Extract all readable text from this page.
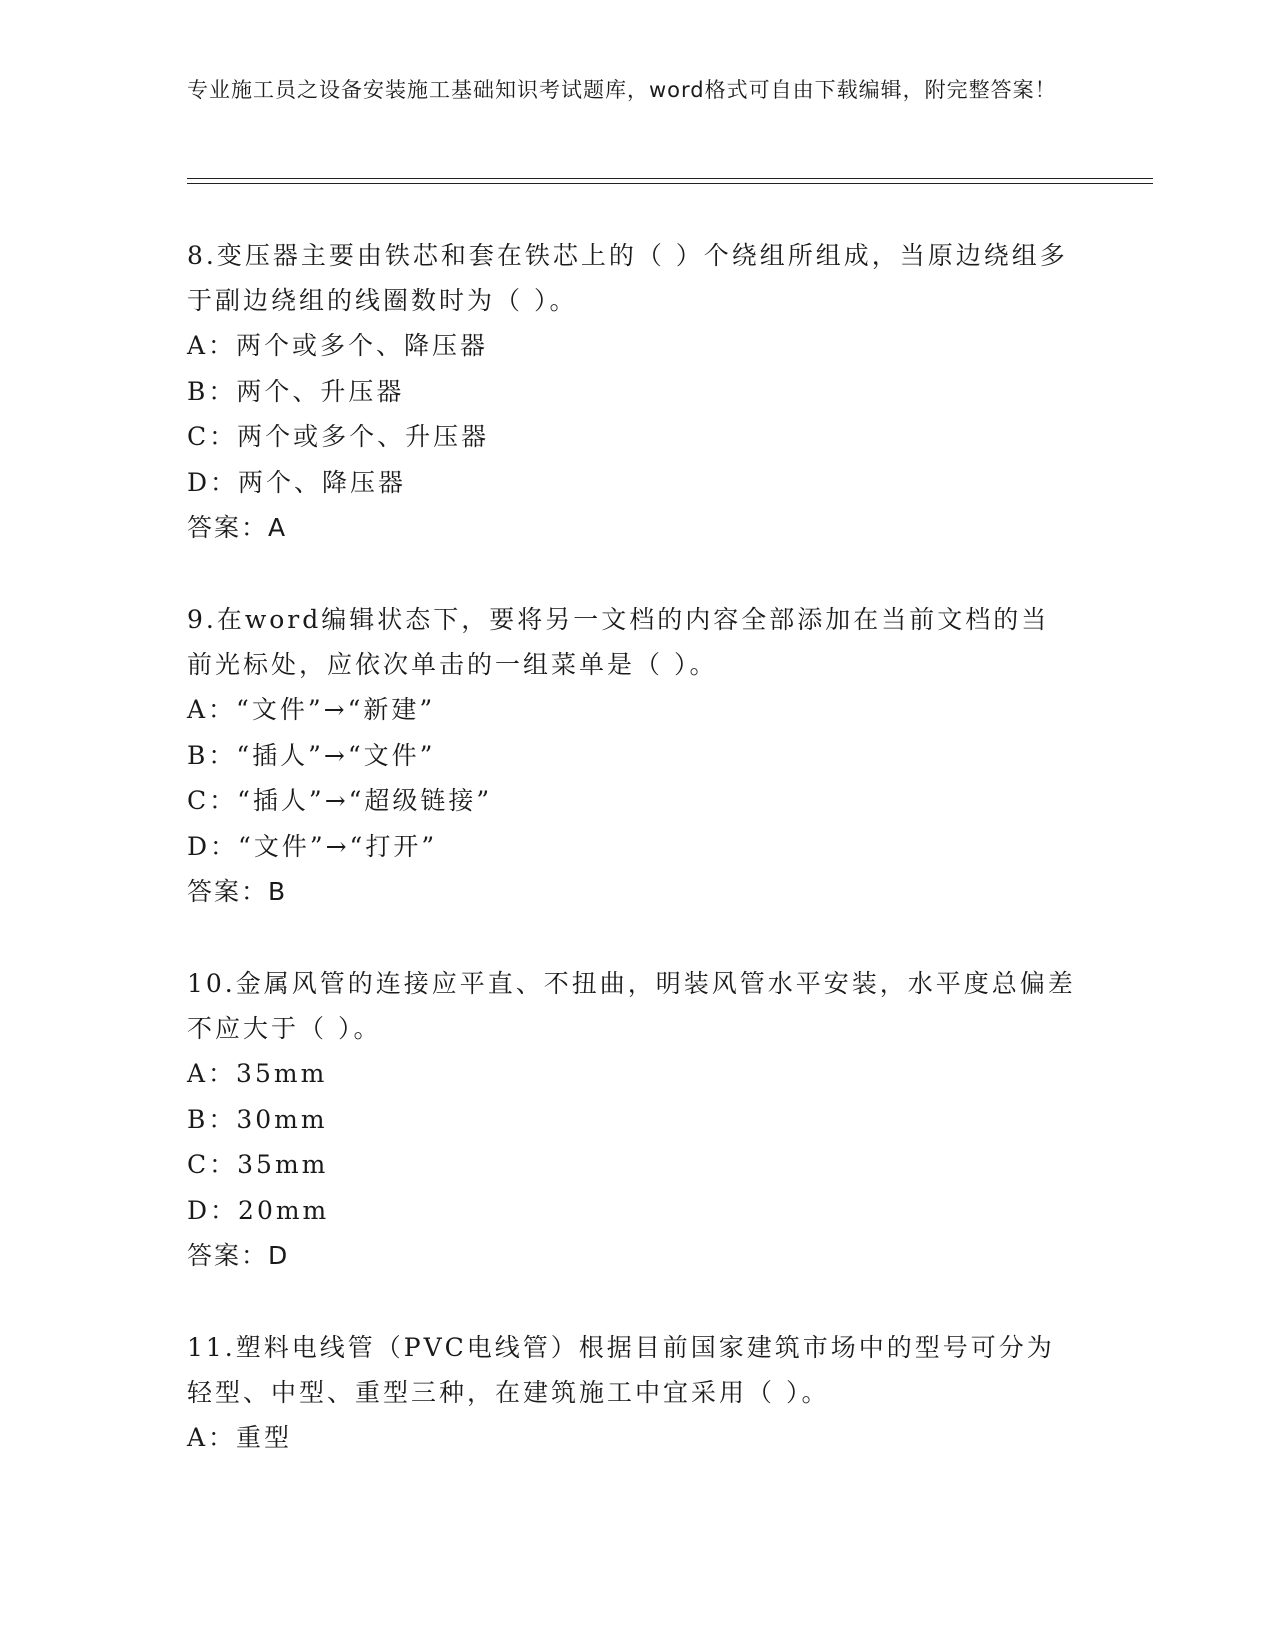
专业施工员之设备安装施工基础知识考试题库，word格式可自由下载编辑，附完整答案！

8.变压器主要由铁芯和套在铁芯上的（ ）个绕组所组成，当原边绕组多于副边绕组的线圈数时为（ ）。

A：两个或多个、降压器

B：两个、升压器

C：两个或多个、升压器

D：两个、降压器

答案：A

9.在word编辑状态下，要将另一文档的内容全部添加在当前文档的当前光标处，应依次单击的一组菜单是（ ）。

A：“文件”→“新建”

B：“插人”→“文件”

C：“插人”→“超级链接”

D：“文件”→“打开”

答案：B

10.金属风管的连接应平直、不扭曲，明装风管水平安装，水平度总偏差不应大于（ ）。

A：35mm

B：30mm

C：35mm

D：20mm

答案：D

11.塑料电线管（PVC电线管）根据目前国家建筑市场中的型号可分为轻型、中型、重型三种，在建筑施工中宜采用（ ）。

A：重型
